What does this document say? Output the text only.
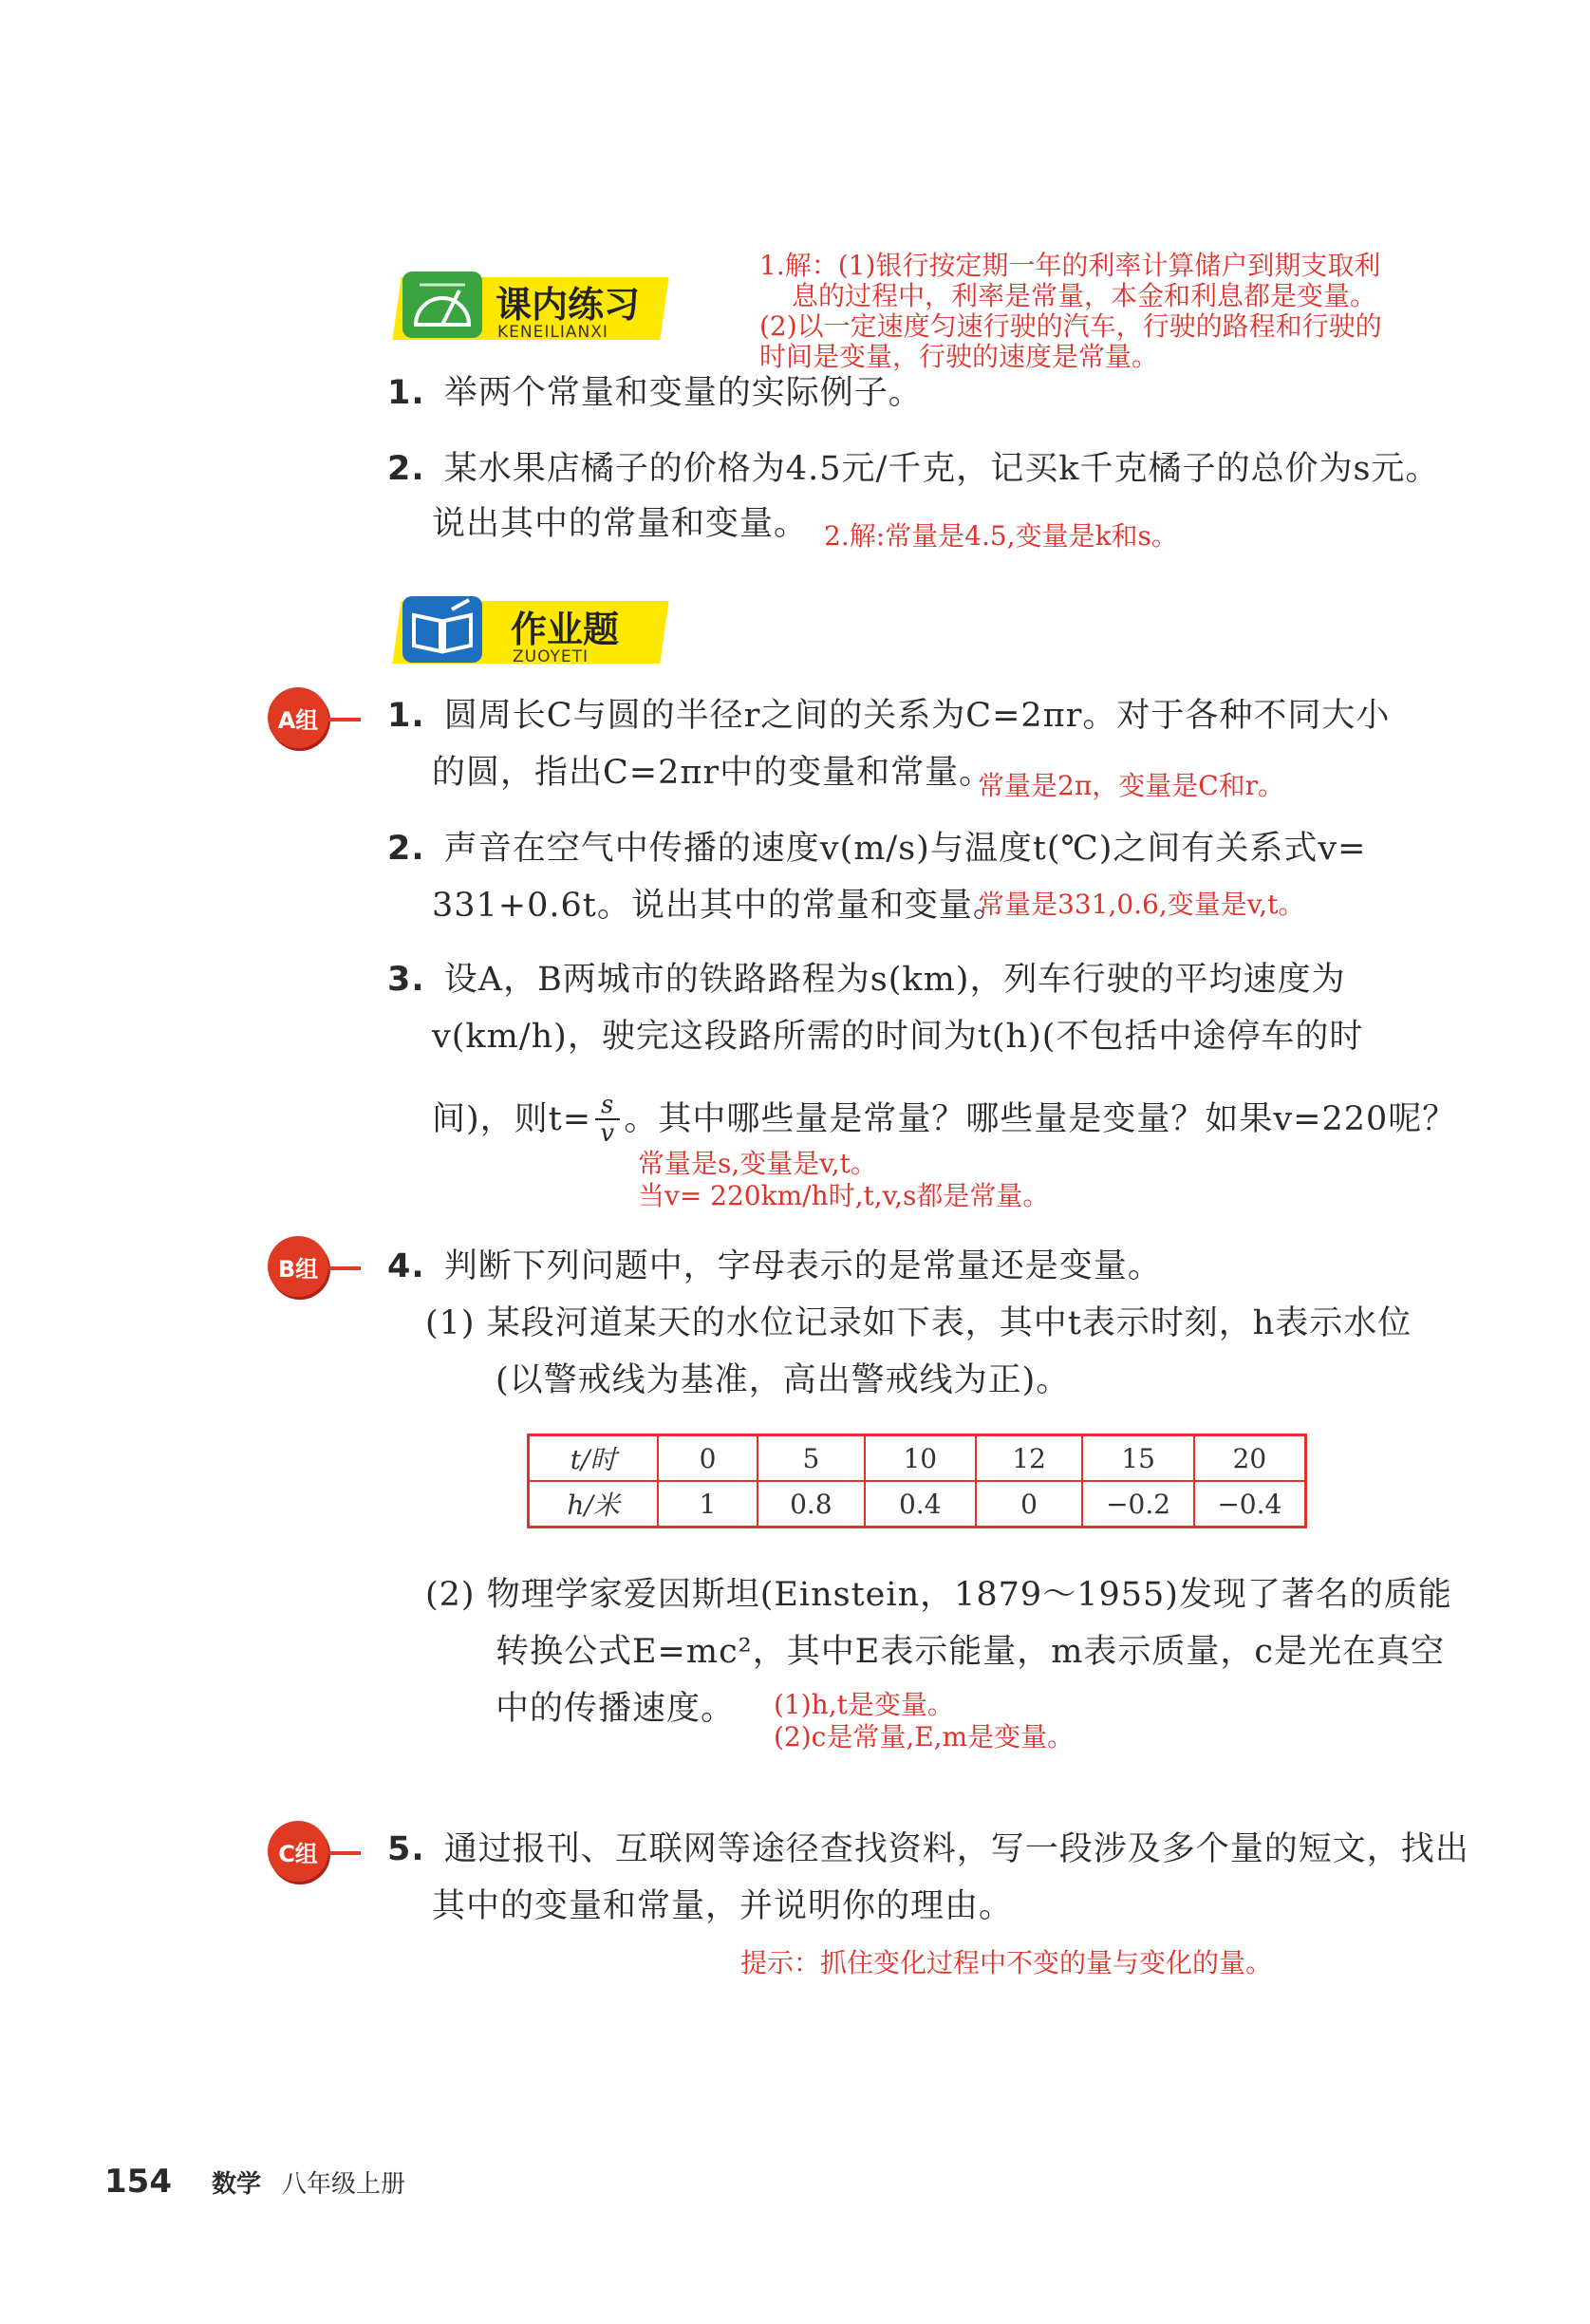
课内练习
KENEILIANXI
1.解：(1)银行按定期一年的利率计算储户到期支取利
息的过程中，利率是常量，本金和利息都是变量。
(2)以一定速度匀速行驶的汽车，行驶的路程和行驶的
时间是变量，行驶的速度是常量。
1. 举两个常量和变量的实际例子。
2. 某水果店橘子的价格为4.5元/千克，记买k千克橘子的总价为s元。
说出其中的常量和变量。 2.解:常量是4.5,变量是k和s。
作业题
ZUOYETI
A组	1. 圆周长C与圆的半径r之间的关系为C=2πr。对于各种不同大小
的圆，指出C=2πr中的变量和常量。
常量是2π，变量是C和r。
2. 声音在空气中传播的速度v(m/s)与温度t(℃)之间有关系式v=
331+0.6t。说出其中的常量和变量。
常量是331,0.6,变量是v,t。
3. 设A，B两城市的铁路路程为s(km)，列车行驶的平均速度为
v(km/h)，驶完这段路所需的时间为t(h)(不包括中途停车的时
间)，则$t= \frac{s}{v}$ 。其中哪些量是常量？哪些量是变量？如果v=220呢？
常量是s,变量是v,t。
当v= 220km/h时,t,v,s都是常量。
B组	4. 判断下列问题中，字母表示的是常量还是变量。
(1) 某段河道某天的水位记录如下表，其中t表示时刻，h表示水位
(以警戒线为基准，高出警戒线为正)。
t/时	0	5	10	12	15	20
h/米	1	0.8	0.4	0	−0.2	−0.4
(2) 物理学家爱因斯坦(Einstein，1879～1955)发现了著名的质能
转换公式E=mc²，其中E表示能量，m表示质量，c是光在真空
中的传播速度。 (1)h,t是变量。
(2)c是常量,E,m是变量。
C组	5. 通过报刊、互联网等途径查找资料，写一段涉及多个量的短文，找出
其中的变量和常量，并说明你的理由。
提示：抓住变化过程中不变的量与变化的量。
154 数学 八年级上册
